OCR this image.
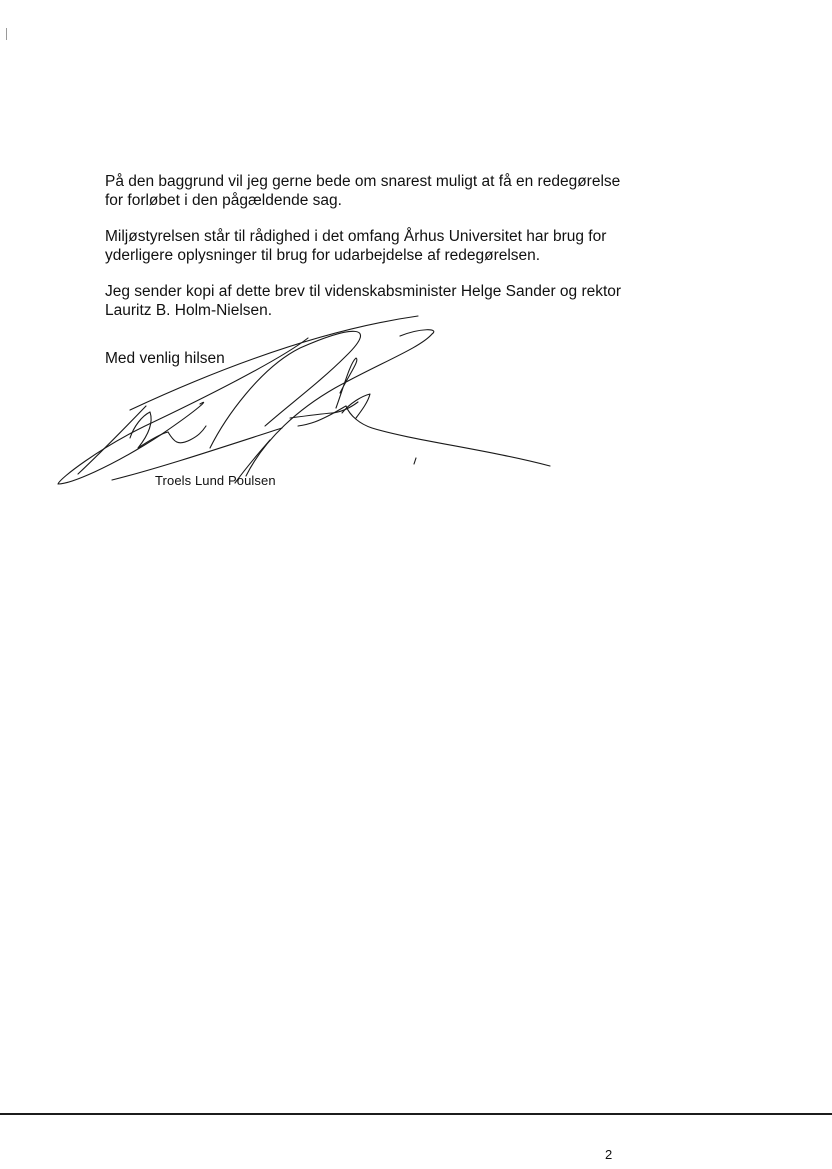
På den baggrund vil jeg gerne bede om snarest muligt at få en redegørelse
for forløbet i den pågældende sag.

Miljøstyrelsen står til rådighed i det omfang Århus Universitet har brug for
yderligere oplysninger til brug for udarbejdelse af redegørelsen.

Jeg sender kopi af dette brev til videnskabsminister Helge Sander og rektor
Lauritz B. Holm-Nielsen.

Med venlig hilsen
Troels Lund Poulsen
2
